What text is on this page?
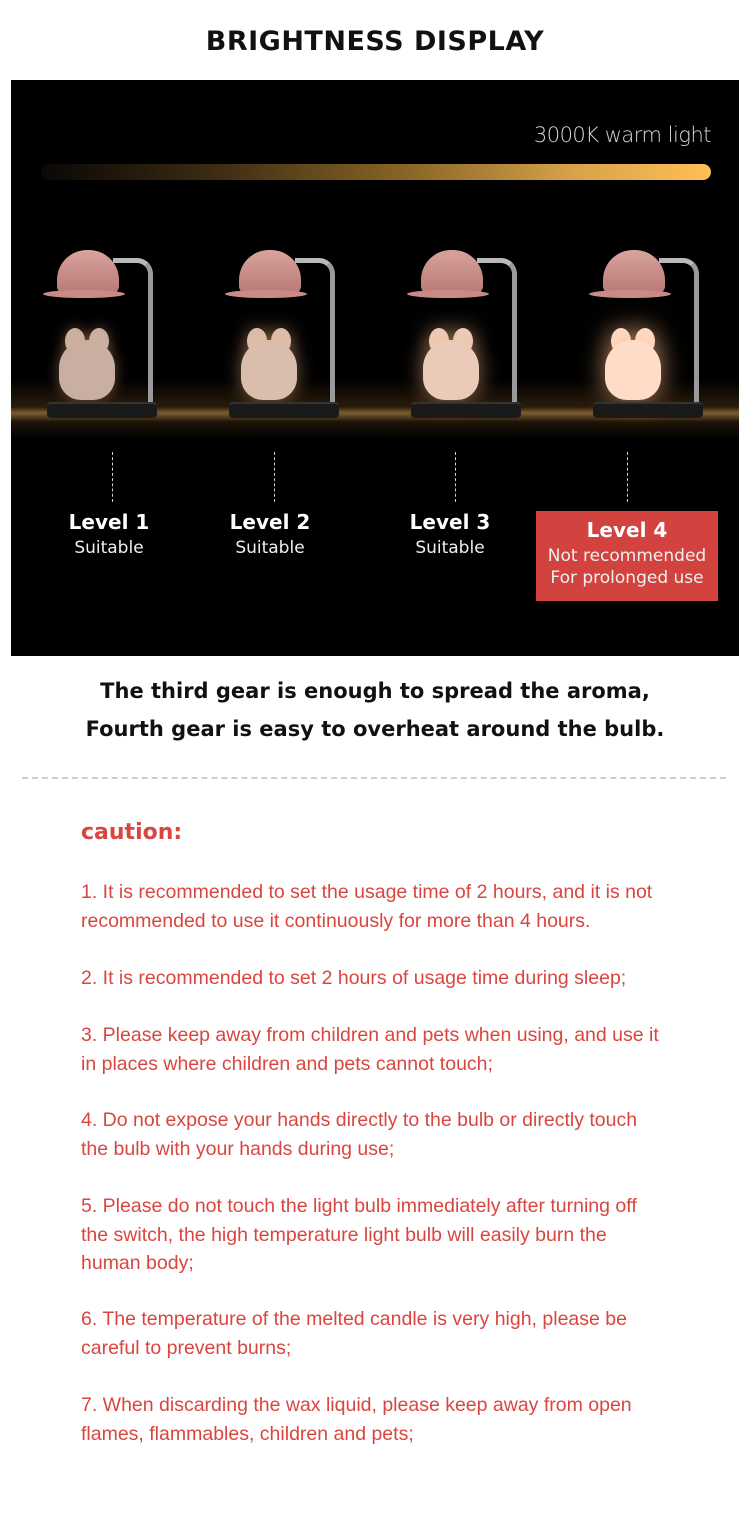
BRIGHTNESS DISPLAY
3000K warm light
Level 1
Suitable
Level 2
Suitable
Level 3
Suitable
Level 4
Not recommended
For prolonged use
The third gear is enough to spread the aroma,
Fourth gear is easy to overheat around the bulb.
caution:
1. It is recommended to set the usage time of 2 hours, and it is not
recommended to use it continuously for more than 4 hours.
2. It is recommended to set 2 hours of usage time during sleep;
3. Please keep away from children and pets when using, and use it
in places where children and pets cannot touch;
4. Do not expose your hands directly to the bulb or directly touch
the bulb with your hands during use;
5. Please do not touch the light bulb immediately after turning off
the switch, the high temperature light bulb will easily burn the
human body;
6. The temperature of the melted candle is very high, please be
careful to prevent burns;
7. When discarding the wax liquid, please keep away from open
flames, flammables, children and pets;
